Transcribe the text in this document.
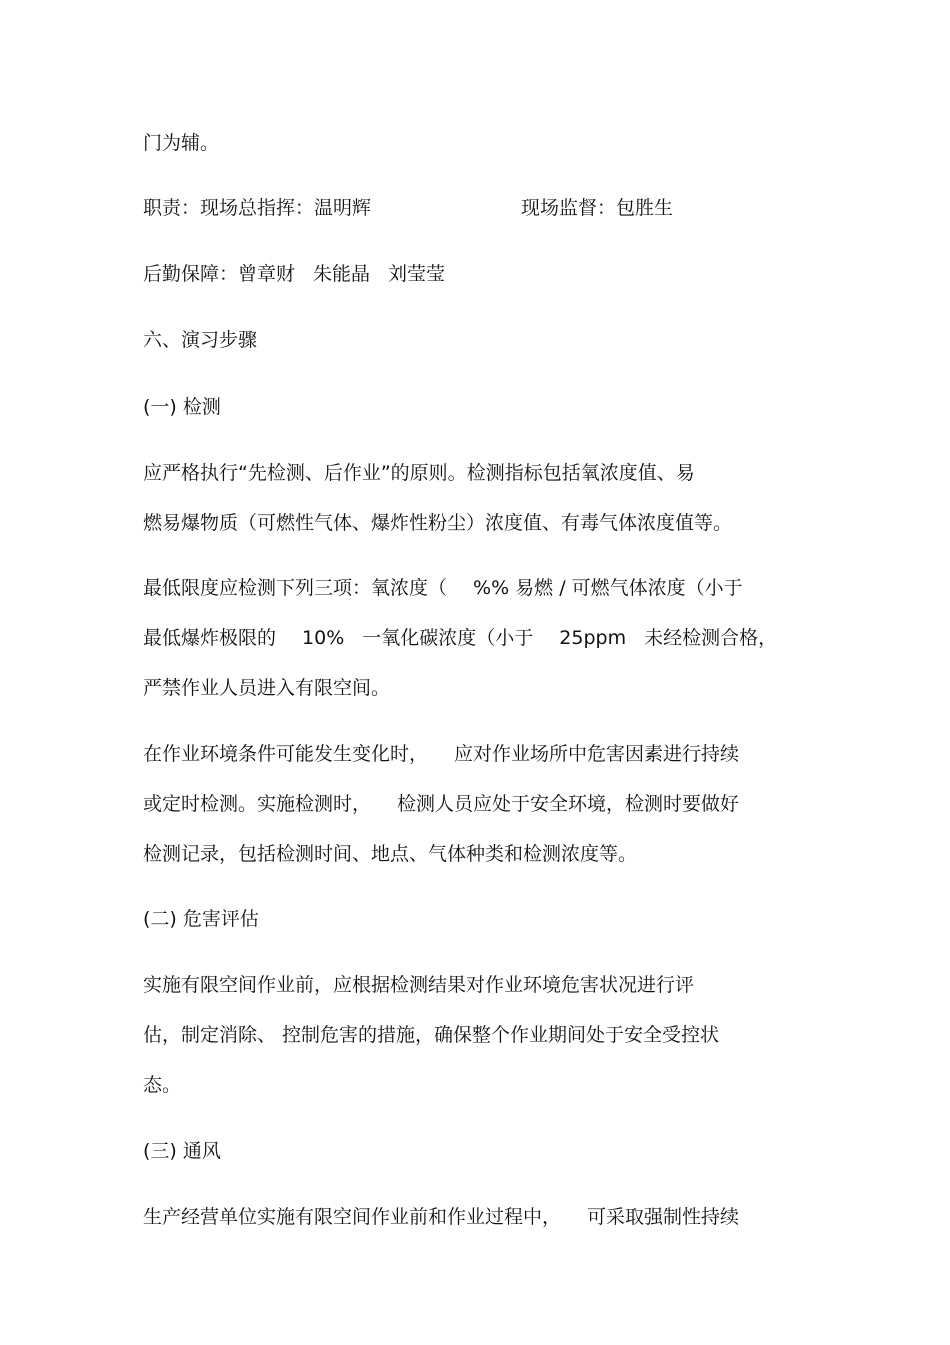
门为辅。
职责：现场总指挥：温明辉	现场监督：包胜生
后勤保障：曾章财 朱能晶 刘莹莹
六、演习步骤
(一) 检测
应严格执行“先检测、后作业”的原则。检测指标包括氧浓度值、易
燃易爆物质（可燃性气体、爆炸性粉尘）浓度值、有毒气体浓度值等。
最低限度应检测下列三项：氧浓度（ %% 易燃 / 可燃气体浓度（小于
最低爆炸极限的 10% 一氧化碳浓度（小于 25ppm 未经检测合格，
严禁作业人员进入有限空间。
在作业环境条件可能发生变化时， 应对作业场所中危害因素进行持续
或定时检测。实施检测时， 检测人员应处于安全环境，检测时要做好
检测记录，包括检测时间、地点、气体种类和检测浓度等。
(二) 危害评估
实施有限空间作业前，应根据检测结果对作业环境危害状况进行评
估，制定消除、 控制危害的措施，确保整个作业期间处于安全受控状
态。
(三) 通风
生产经营单位实施有限空间作业前和作业过程中， 可采取强制性持续
